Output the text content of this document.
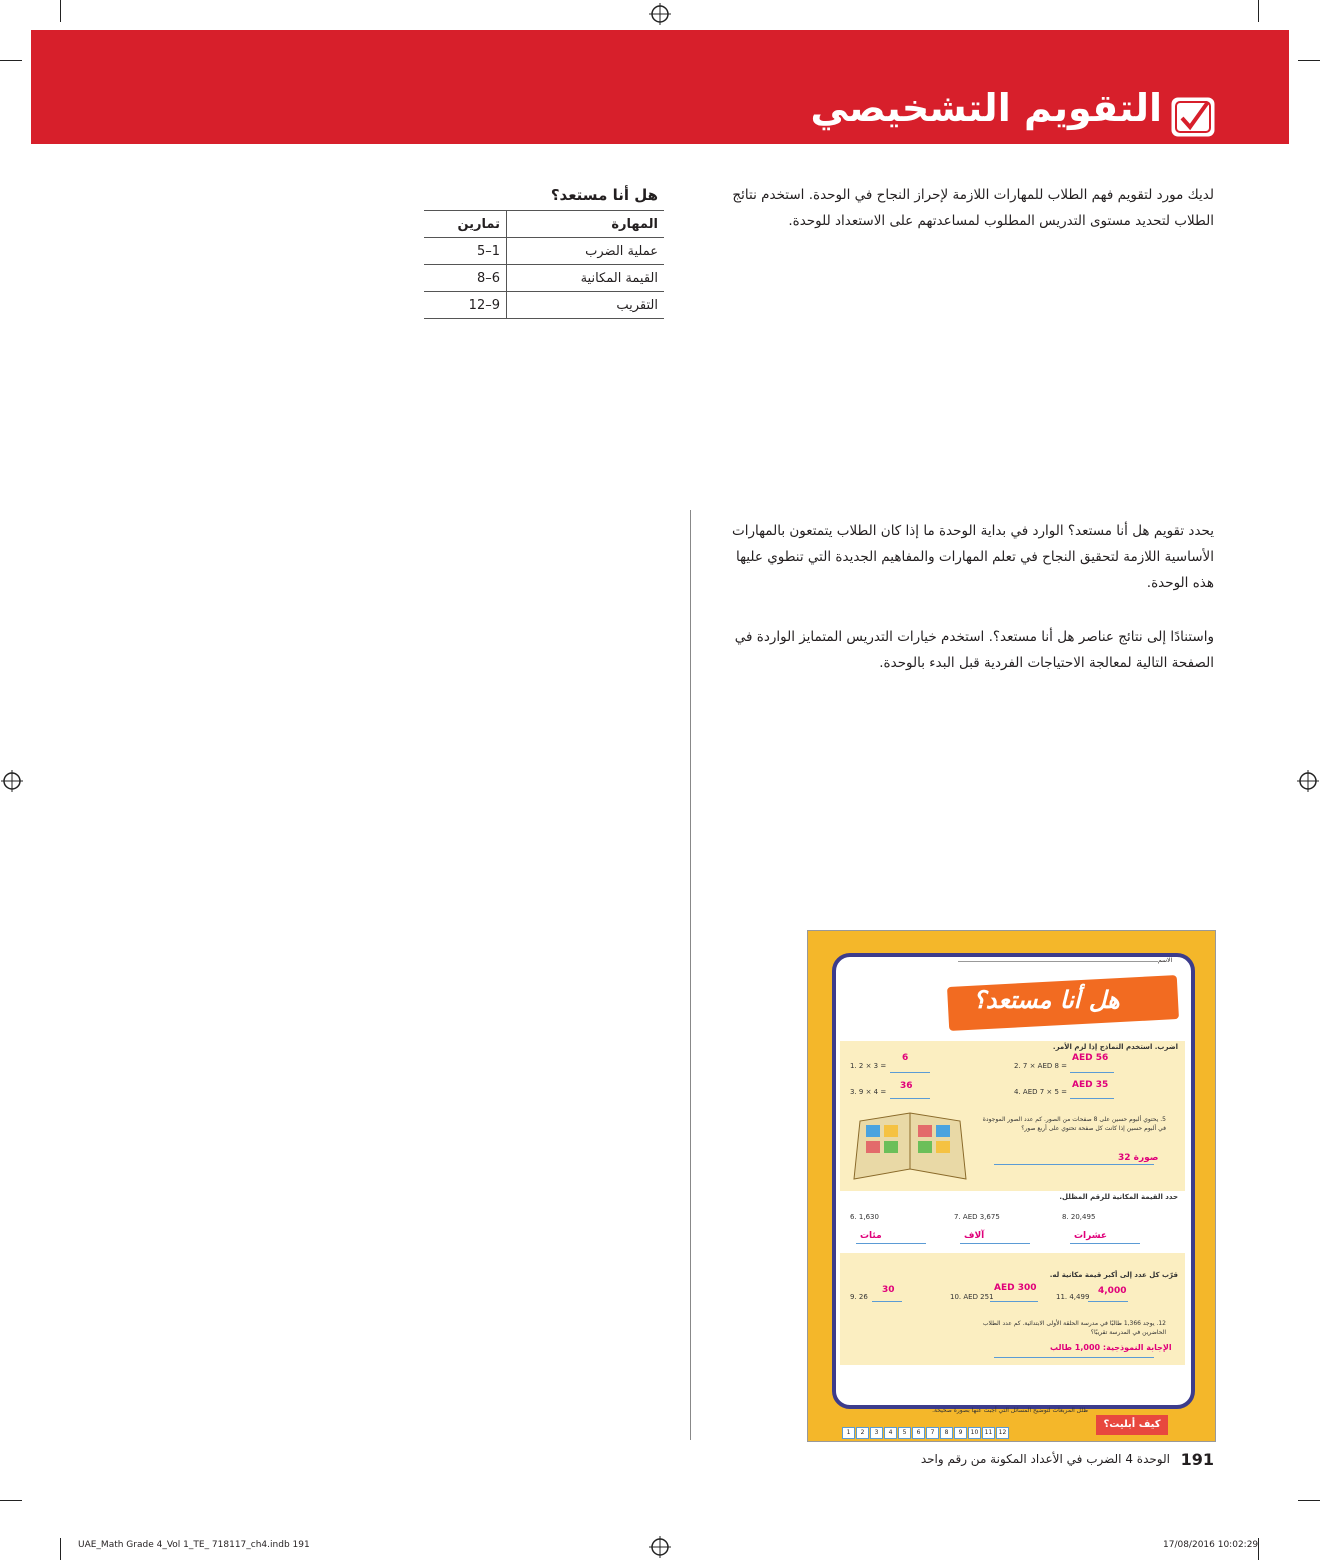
التقويم التشخيصي
لديك مورد لتقويم فهم الطلاب للمهارات اللازمة لإحراز النجاح في الوحدة. استخدم نتائج الطلاب لتحديد مستوى التدريس المطلوب لمساعدتهم على الاستعداد للوحدة.
هل أنا مستعد؟
المهارة	تمارين
عملية الضرب	1–5
القيمة المكانية	6–8
التقريب	9–12
يحدد تقويم هل أنا مستعد؟ الوارد في بداية الوحدة ما إذا كان الطلاب يتمتعون بالمهارات الأساسية اللازمة لتحقيق النجاح في تعلم المهارات والمفاهيم الجديدة التي تنطوي عليها هذه الوحدة.
واستنادًا إلى نتائج عناصر هل أنا مستعد؟. استخدم خيارات التدريس المتمايز الواردة في الصفحة التالية لمعالجة الاحتياجات الفردية قبل البدء بالوحدة.
الاسم
هل أنا مستعد؟
اضرب. استخدم النماذج إذا لزم الأمر.
1. 2 × 3 =
6
2. 7 × AED 8 =
AED 56
3. 9 × 4 =
36
4. AED 7 × 5 =
AED 35
5. يحتوي ألبوم حسين على 8 صفحات من الصور. كم عدد الصور الموجودة في ألبوم حسين إذا كانت كل صفحة تحتوي على أربع صور؟
32 صورة
حدد القيمة المكانية للرقم المظلل.
6. 1,630	7. AED 3,675	8. 20,495
مئات	آلاف	عشرات
قرّب كل عدد إلى أكبر قيمة مكانية له.
9. 26
30
10. AED 251
AED 300
11. 4,499
4,000
12. يوجد 1,366 طالبًا في مدرسة الحلقة الأولى الابتدائية. كم عدد الطلاب الحاضرين في المدرسة تقريبًا؟
الإجابة النموذجية: 1,000 طالب
ظلل المربعات لتوضيح المسائل التي أجبت عنها بصورة صحيحة.
1 2 3 4 5 6 7 8 9 10 11 12
كيف أبليت؟
الوحدة 4 الضرب في الأعداد المكونة من رقم واحد 191
UAE_Math Grade 4_Vol 1_TE_ 718117_ch4.indb 191	17/08/2016 10:02:29
